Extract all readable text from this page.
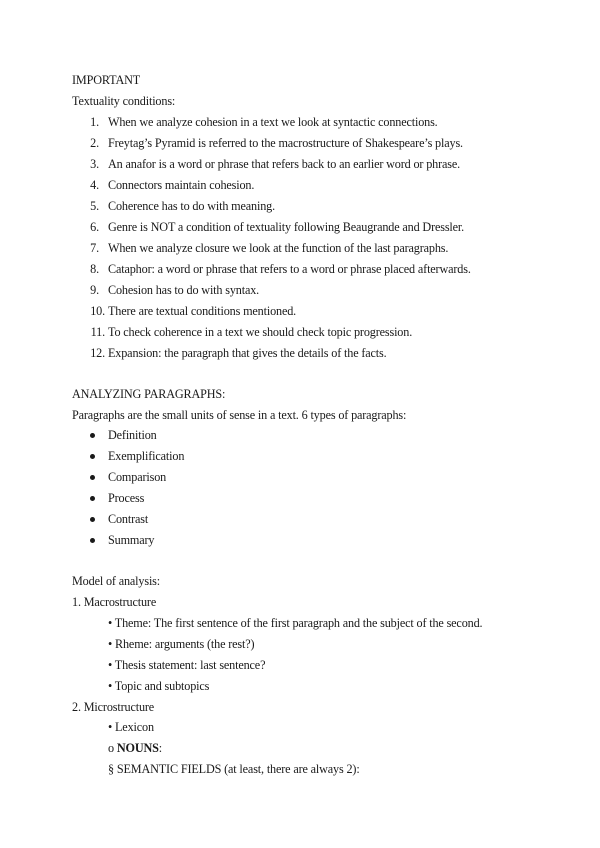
IMPORTANT
Textuality conditions:
1. When we analyze cohesion in a text we look at syntactic connections.
2. Freytag’s Pyramid is referred to the macrostructure of Shakespeare’s plays.
3. An anafor is a word or phrase that refers back to an earlier word or phrase.
4. Connectors maintain cohesion.
5. Coherence has to do with meaning.
6. Genre is NOT a condition of textuality following Beaugrande and Dressler.
7. When we analyze closure we look at the function of the last paragraphs.
8. Cataphor: a word or phrase that refers to a word or phrase placed afterwards.
9. Cohesion has to do with syntax.
10. There are textual conditions mentioned.
11. To check coherence in a text we should check topic progression.
12. Expansion: the paragraph that gives the details of the facts.
ANALYZING PARAGRAPHS:
Paragraphs are the small units of sense in a text. 6 types of paragraphs:
Definition
Exemplification
Comparison
Process
Contrast
Summary
Model of analysis:
1. Macrostructure
• Theme: The first sentence of the first paragraph and the subject of the second.
• Rheme: arguments (the rest?)
• Thesis statement: last sentence?
• Topic and subtopics
2. Microstructure
• Lexicon
o NOUNS:
§ SEMANTIC FIELDS (at least, there are always 2):
